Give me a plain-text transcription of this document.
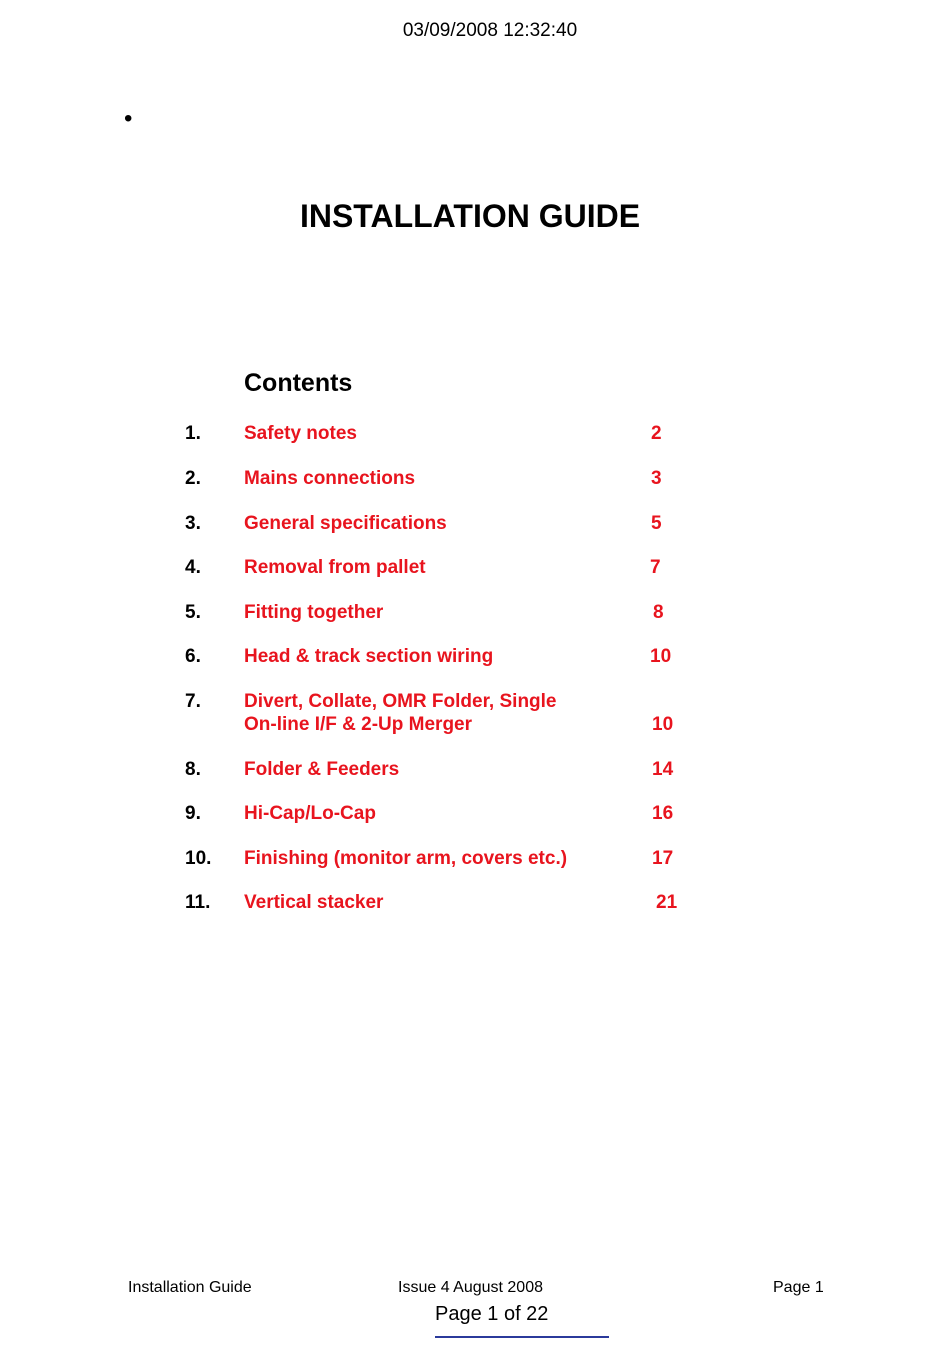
03/09/2008 12:32:40
•
INSTALLATION GUIDE
Contents
1. Safety notes	2
2. Mains connections	3
3. General specifications	5
4. Removal from pallet	7
5. Fitting together	8
6. Head & track section wiring	10
7. Divert, Collate, OMR Folder, Single
On-line I/F & 2-Up Merger	10
8. Folder & Feeders	14
9. Hi-Cap/Lo-Cap	16
10. Finishing (monitor arm, covers etc.)	17
11. Vertical stacker	21
Installation Guide	Issue 4 August 2008	Page 1
Page 1 of 22
